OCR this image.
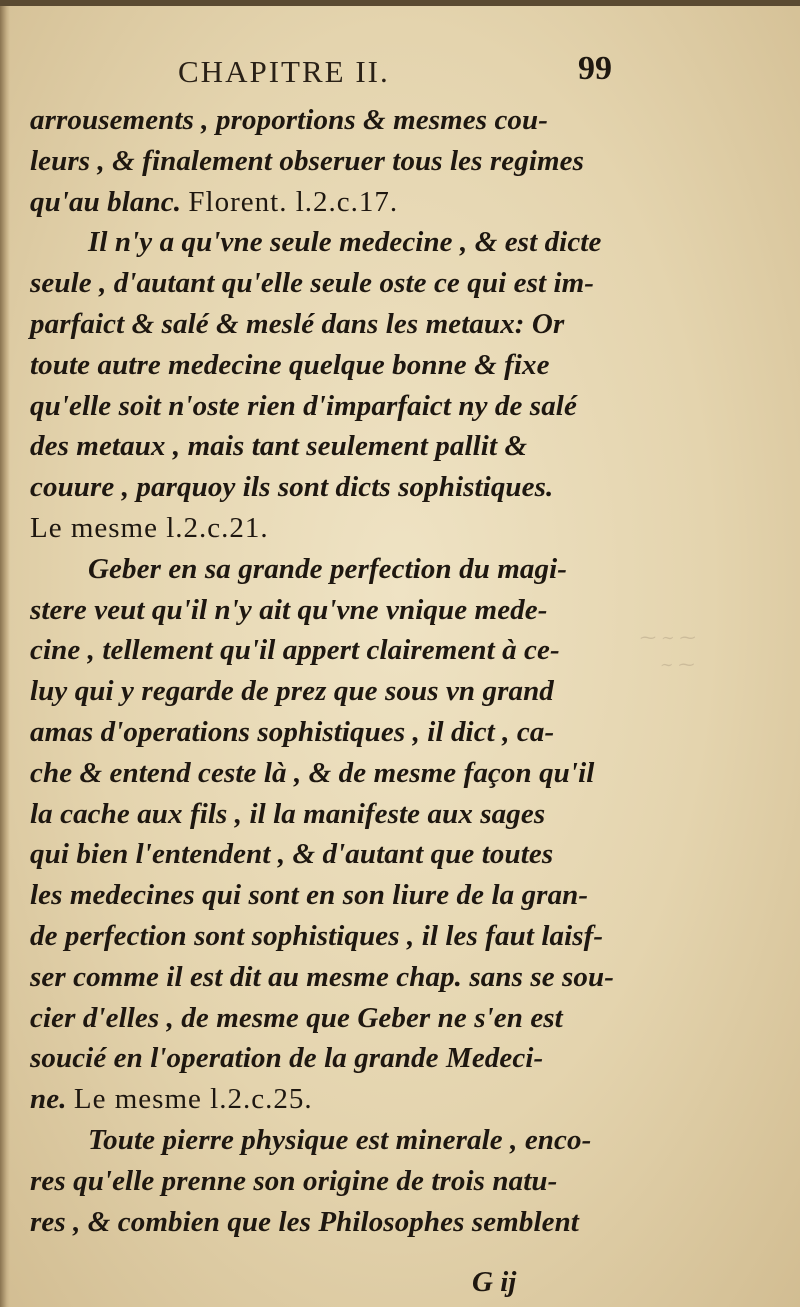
⁓ ∼ ⁓
∼ ⁓
CHAPITRE II.	99
arrousements , proportions & mesmes cou-
leurs , & finalement obseruer tous les regimes
qu'au blanc. Florent. l.2.c.17.
Il n'y a qu'vne seule medecine , & est dicte
seule , d'autant qu'elle seule oste ce qui est im-
parfaict & salé & meslé dans les metaux: Or
toute autre medecine quelque bonne & fixe
qu'elle soit n'oste rien d'imparfaict ny de salé
des metaux , mais tant seulement pallit &
couure , parquoy ils sont dicts sophistiques.
Le mesme l.2.c.21.
Geber en sa grande perfection du magi-
stere veut qu'il n'y ait qu'vne vnique mede-
cine , tellement qu'il appert clairement à ce-
luy qui y regarde de prez que sous vn grand
amas d'operations sophistiques , il dict , ca-
che & entend ceste là , & de mesme façon qu'il
la cache aux fils , il la manifeste aux sages
qui bien l'entendent , & d'autant que toutes
les medecines qui sont en son liure de la gran-
de perfection sont sophistiques , il les faut laisf-
ser comme il est dit au mesme chap. sans se sou-
cier d'elles , de mesme que Geber ne s'en est
soucié en l'operation de la grande Medeci-
ne. Le mesme l.2.c.25.
Toute pierre physique est minerale , enco-
res qu'elle prenne son origine de trois natu-
res , & combien que les Philosophes semblent
G ij
